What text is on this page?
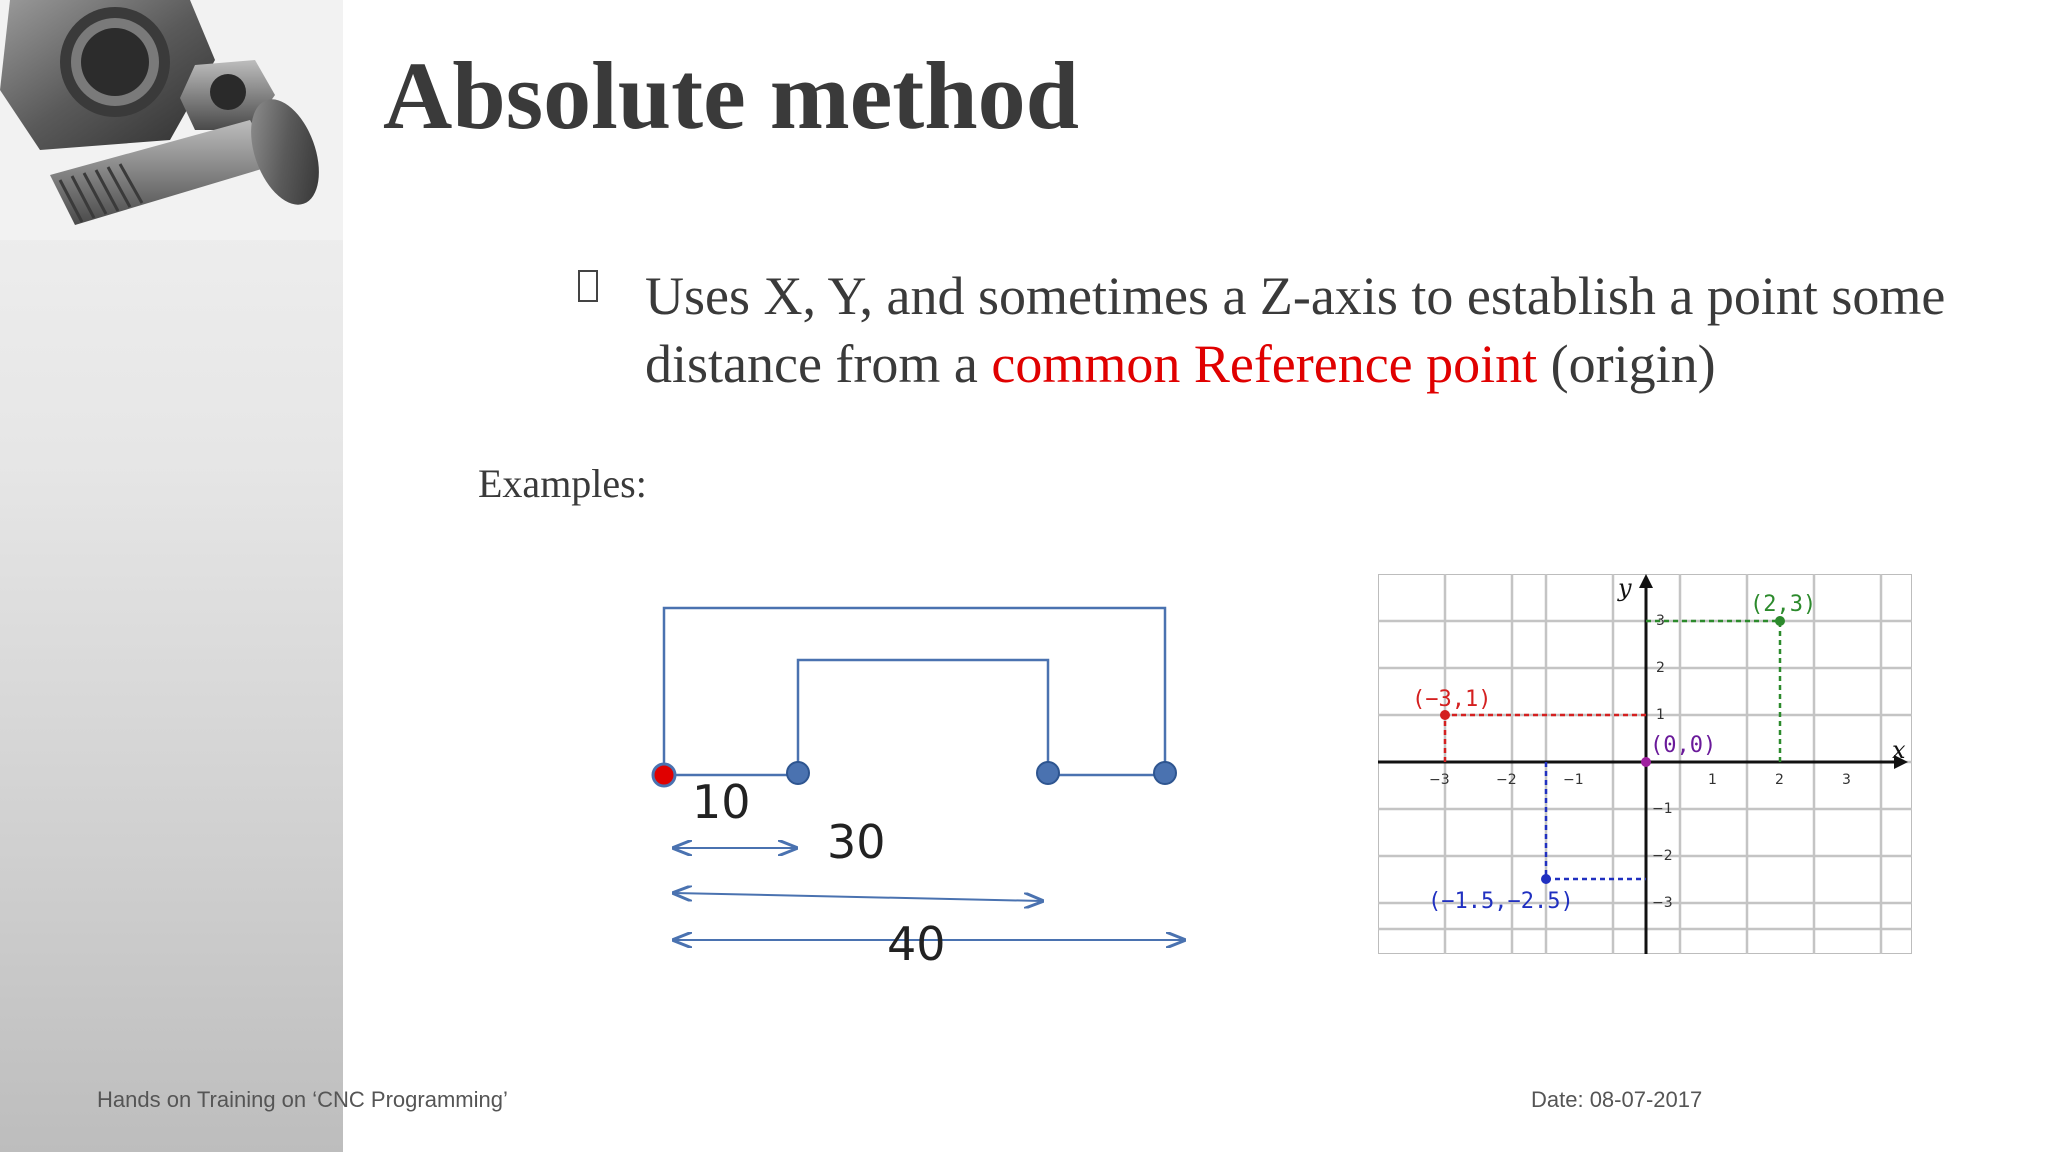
Absolute method
Uses X, Y, and sometimes a Z-axis to establish a point some distance from a common Reference point (origin)
Examples:
10
30
40
x
y
−3	−2	−1	1	2	3
3
2
1
−1
−2
−3
(2,3)
(−3,1)
(0,0)
(−1.5,−2.5)
Hands on Training on ‘CNC Programming’	Date: 08-07-2017
